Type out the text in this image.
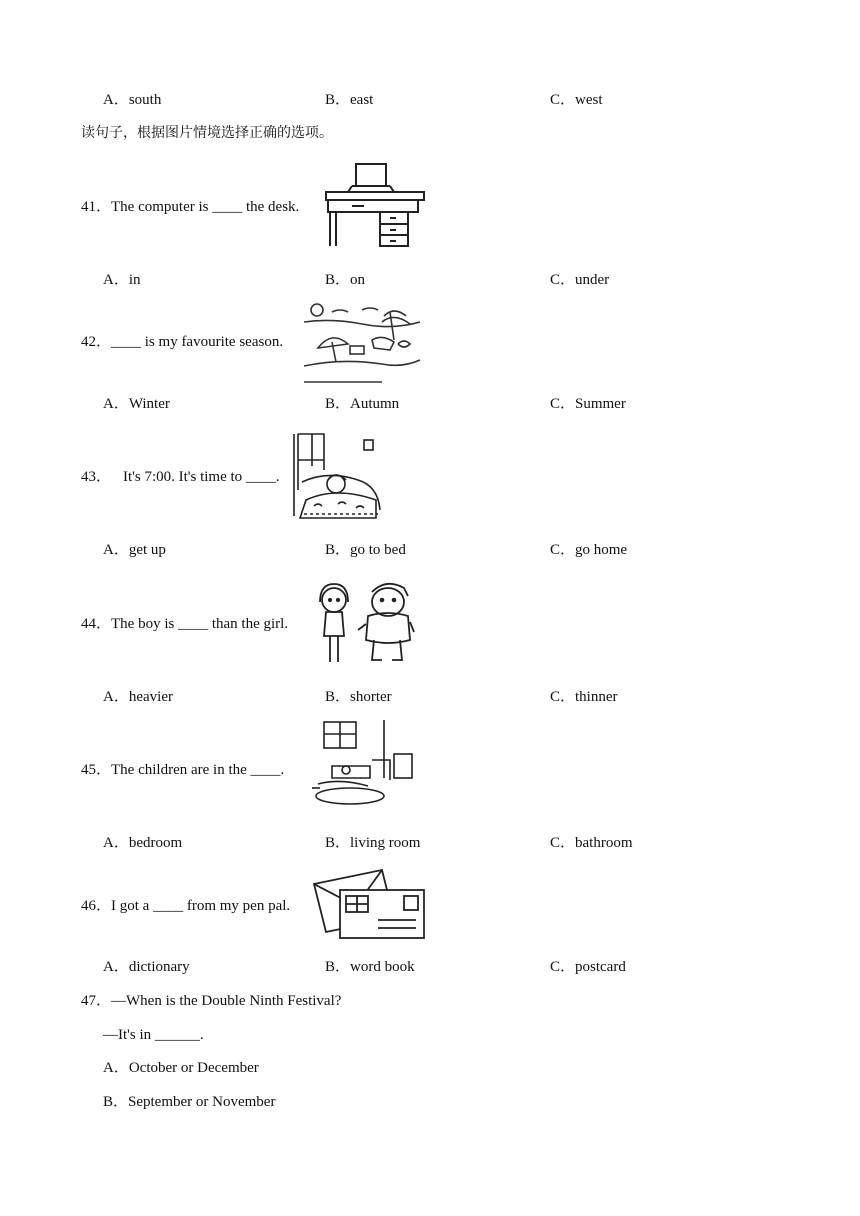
A．south	B．east	C．west
读句子，根据图片情境选择正确的选项。
41．The computer is ____ the desk.
A．in	B．on	C．under
42．____ is my favourite season.
A．Winter	B．Autumn	C．Summer
43． It's 7:00. It's time to ____.
A．get up	B．go to bed	C．go home
44．The boy is ____ than the girl.
A．heavier	B．shorter	C．thinner
45．The children are in the ____.
A．bedroom	B．living room	C．bathroom
46．I got a ____ from my pen pal.
A．dictionary	B．word book	C．postcard
47．—When is the Double Ninth Festival?
—It's in ______.
A．October or December
B．September or November
